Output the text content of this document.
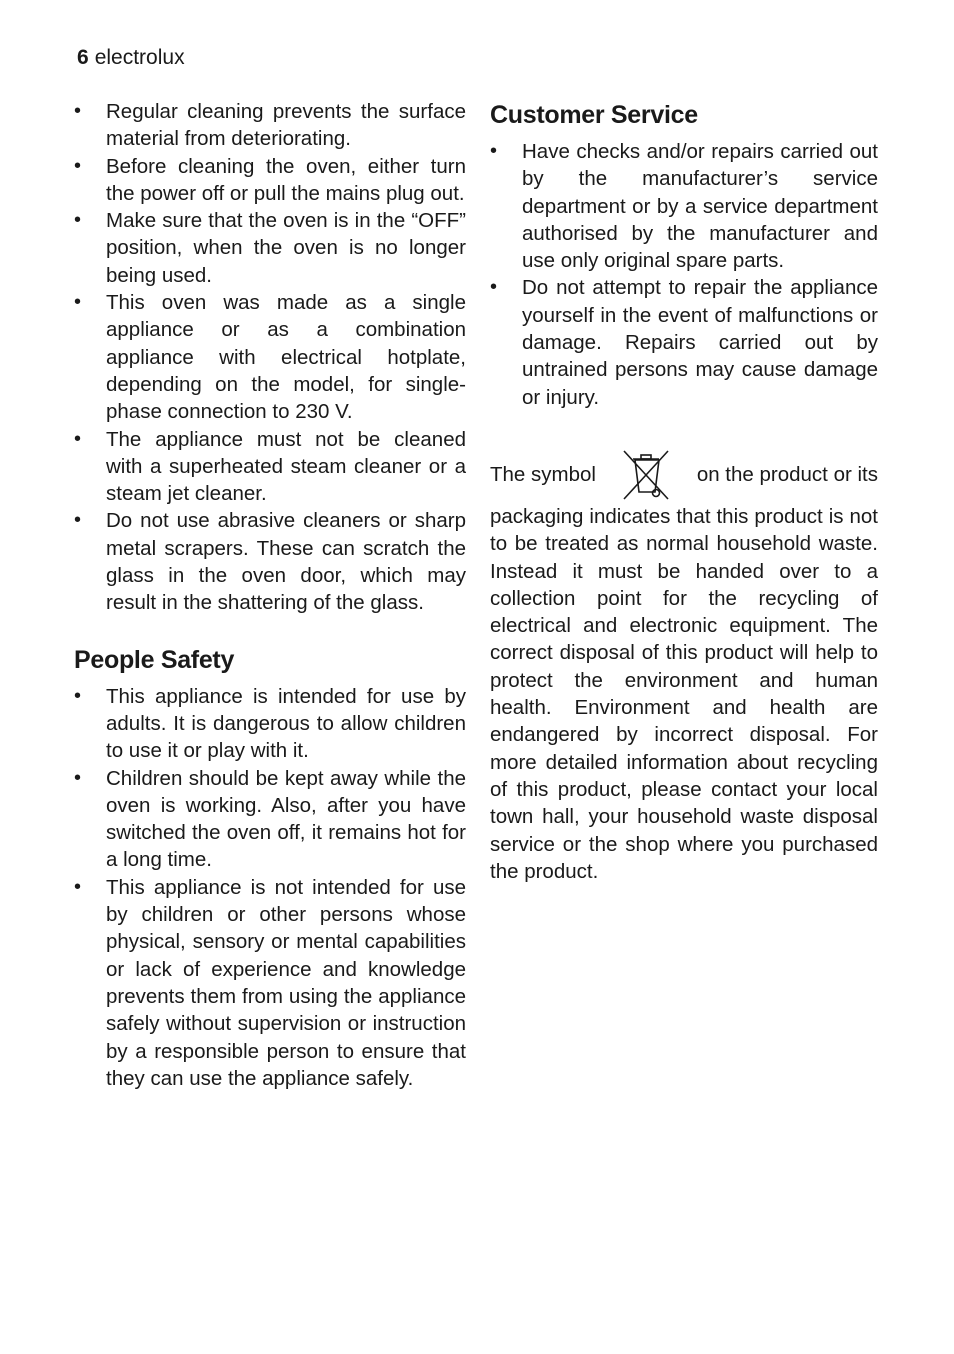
6 electrolux
• Regular cleaning prevents the surface material from deteriorating.
• Before cleaning the oven, either turn the power off or pull the mains plug out.
• Make sure that the oven is in the “OFF” position, when the oven is no longer being used.
• This oven was made as a single appliance or as a combination appliance with electrical hotplate, depending on the model, for single-phase connection to 230 V.
• The appliance must not be cleaned with a superheated steam cleaner or a steam jet cleaner.
• Do not use abrasive cleaners or sharp metal scrapers. These can scratch the glass in the oven door, which may result in the shattering of the glass.
People Safety
• This appliance is intended for use by adults. It is dangerous to allow children to use it or play with it.
• Children should be kept away while the oven is working. Also, after you have switched the oven off, it remains hot for a long time.
• This appliance is not intended for use by children or other persons whose physical, sensory or mental capabilities or lack of experience and knowledge prevents them from using the appliance safely without supervision or instruction by a responsible person to ensure that they can use the appliance safely.
Customer Service
• Have checks and/or repairs carried out by the manufacturer’s service department or by a service department authorised by the manufacturer and use only original spare parts.
• Do not attempt to repair the appliance yourself in the event of malfunctions or damage. Repairs carried out by untrained persons may cause damage or injury.
The symbol	on the product or its

packaging indicates that this product is not to be treated as normal household waste. Instead it must be handed over to a collection point for the recycling of electrical and electronic equipment. The correct disposal of this product will help to protect the environment and human health. Environment and health are endangered by incorrect disposal. For more detailed information about recycling of this product, please contact your local town hall, your household waste disposal service or the shop where you purchased the product.
